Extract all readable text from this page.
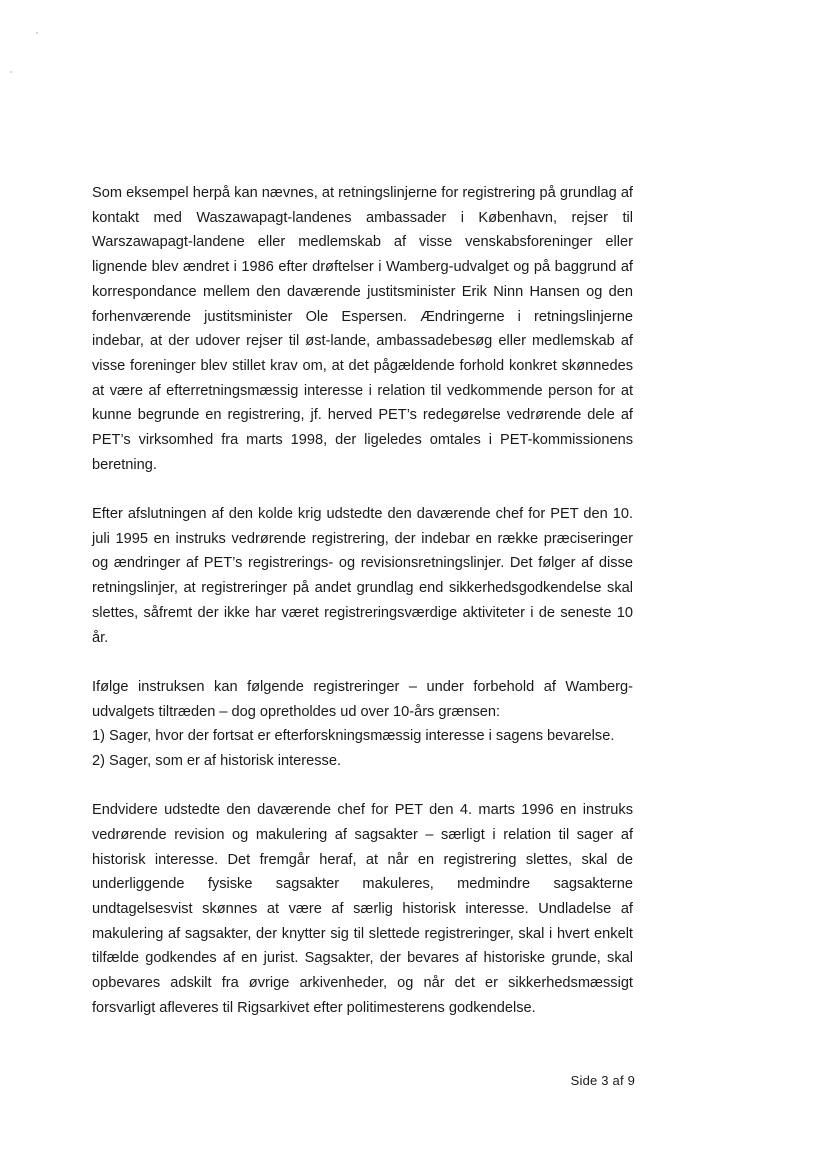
Som eksempel herpå kan nævnes, at retningslinjerne for registrering på grundlag af kontakt med Waszawapagt-landenes ambassader i København, rejser til Warszawapagt-landene eller medlemskab af visse venskabsforeninger eller lignende blev ændret i 1986 efter drøftelser i Wamberg-udvalget og på baggrund af korrespondance mellem den daværende justitsminister Erik Ninn Hansen og den forhenværende justitsminister Ole Espersen. Ændringerne i retningslinjerne indebar, at der udover rejser til øst-lande, ambassadebesøg eller medlemskab af visse foreninger blev stillet krav om, at det pågældende forhold konkret skønnedes at være af efterretningsmæssig interesse i relation til vedkommende person for at kunne begrunde en registrering, jf. herved PET’s redegørelse vedrørende dele af PET’s virksomhed fra marts 1998, der ligeledes omtales i PET-kommissionens beretning.

Efter afslutningen af den kolde krig udstedte den daværende chef for PET den 10. juli 1995 en instruks vedrørende registrering, der indebar en række præciseringer og ændringer af PET’s registrerings- og revisionsretningslinjer. Det følger af disse retningslinjer, at registreringer på andet grundlag end sikkerhedsgodkendelse skal slettes, såfremt der ikke har været registreringsværdige aktiviteter i de seneste 10 år.

Ifølge instruksen kan følgende registreringer – under forbehold af Wamberg-udvalgets tiltræden – dog opretholdes ud over 10-års grænsen:

1) Sager, hvor der fortsat er efterforskningsmæssig interesse i sagens bevarelse.

2) Sager, som er af historisk interesse.

Endvidere udstedte den daværende chef for PET den 4. marts 1996 en instruks vedrørende revision og makulering af sagsakter – særligt i relation til sager af historisk interesse. Det fremgår heraf, at når en registrering slettes, skal de underliggende fysiske sagsakter makuleres, medmindre sagsakterne undtagelsesvist skønnes at være af særlig historisk interesse. Undladelse af makulering af sagsakter, der knytter sig til slettede registreringer, skal i hvert enkelt tilfælde godkendes af en jurist. Sagsakter, der bevares af historiske grunde, skal opbevares adskilt fra øvrige arkivenheder, og når det er sikkerhedsmæssigt forsvarligt afleveres til Rigsarkivet efter politimesterens godkendelse.

Side 3 af 9
